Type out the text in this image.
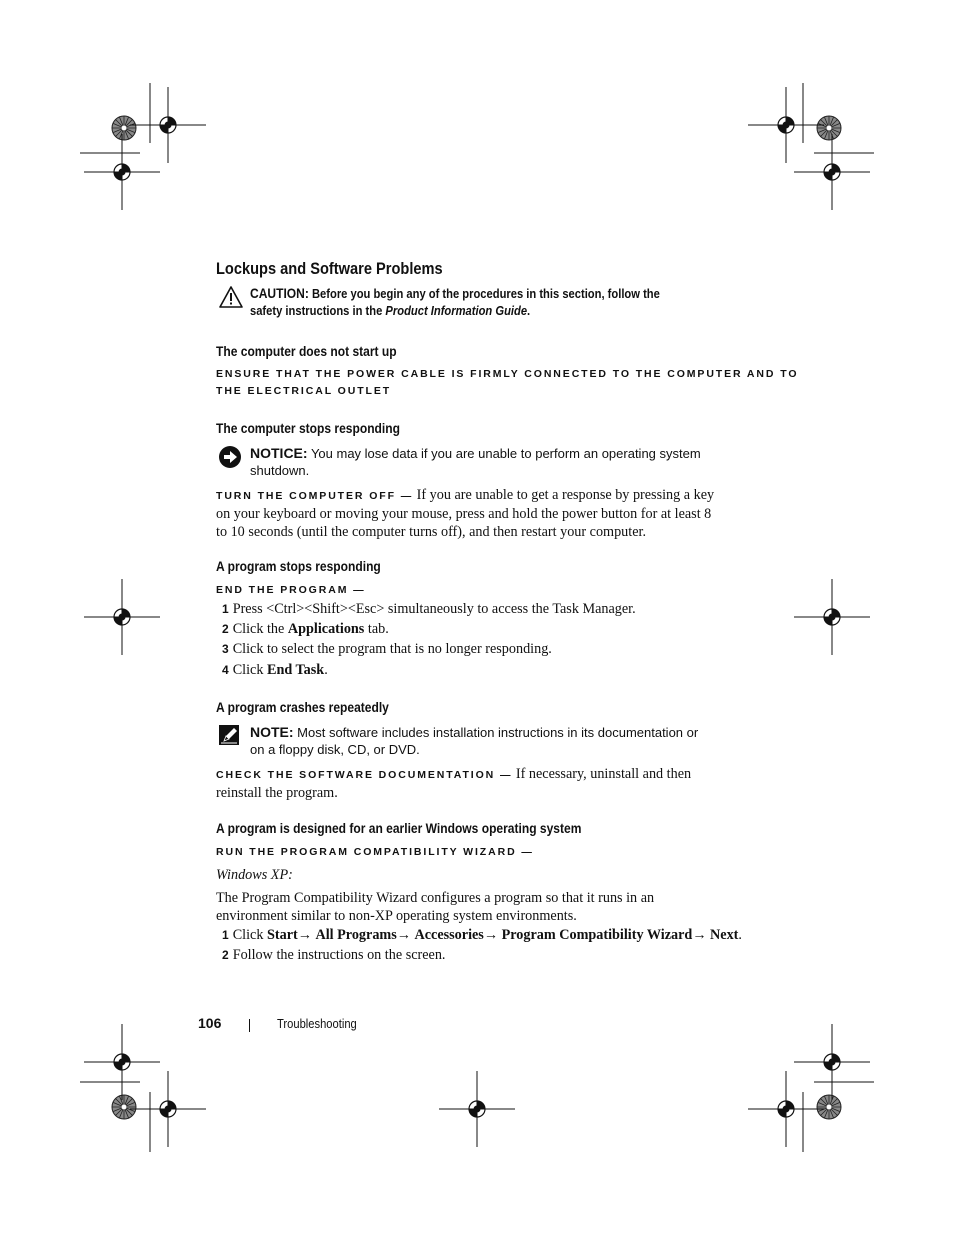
Lockups and Software Problems
CAUTION: Before you begin any of the procedures in this section, follow the
safety instructions in the Product Information Guide.
The computer does not start up
ENSURE THAT THE POWER CABLE IS FIRMLY CONNECTED TO THE COMPUTER AND TO
THE ELECTRICAL OUTLET
The computer stops responding
NOTICE: You may lose data if you are unable to perform an operating system shutdown.
TURN THE COMPUTER OFF — If you are unable to get a response by pressing a key on your keyboard or moving your mouse, press and hold the power button for at least 8 to 10 seconds (until the computer turns off), and then restart your computer.
A program stops responding
END THE PROGRAM —
1 Press <Ctrl><Shift><Esc> simultaneously to access the Task Manager.
2 Click the Applications tab.
3 Click to select the program that is no longer responding.
4 Click End Task.
A program crashes repeatedly
NOTE: Most software includes installation instructions in its documentation or on a floppy disk, CD, or DVD.
CHECK THE SOFTWARE DOCUMENTATION — If necessary, uninstall and then reinstall the program.
A program is designed for an earlier Windows operating system
RUN THE PROGRAM COMPATIBILITY WIZARD —
Windows XP:
The Program Compatibility Wizard configures a program so that it runs in an environment similar to non-XP operating system environments.
1 Click Start→ All Programs→ Accessories→ Program Compatibility Wizard→ Next.
2 Follow the instructions on the screen.
106	Troubleshooting
